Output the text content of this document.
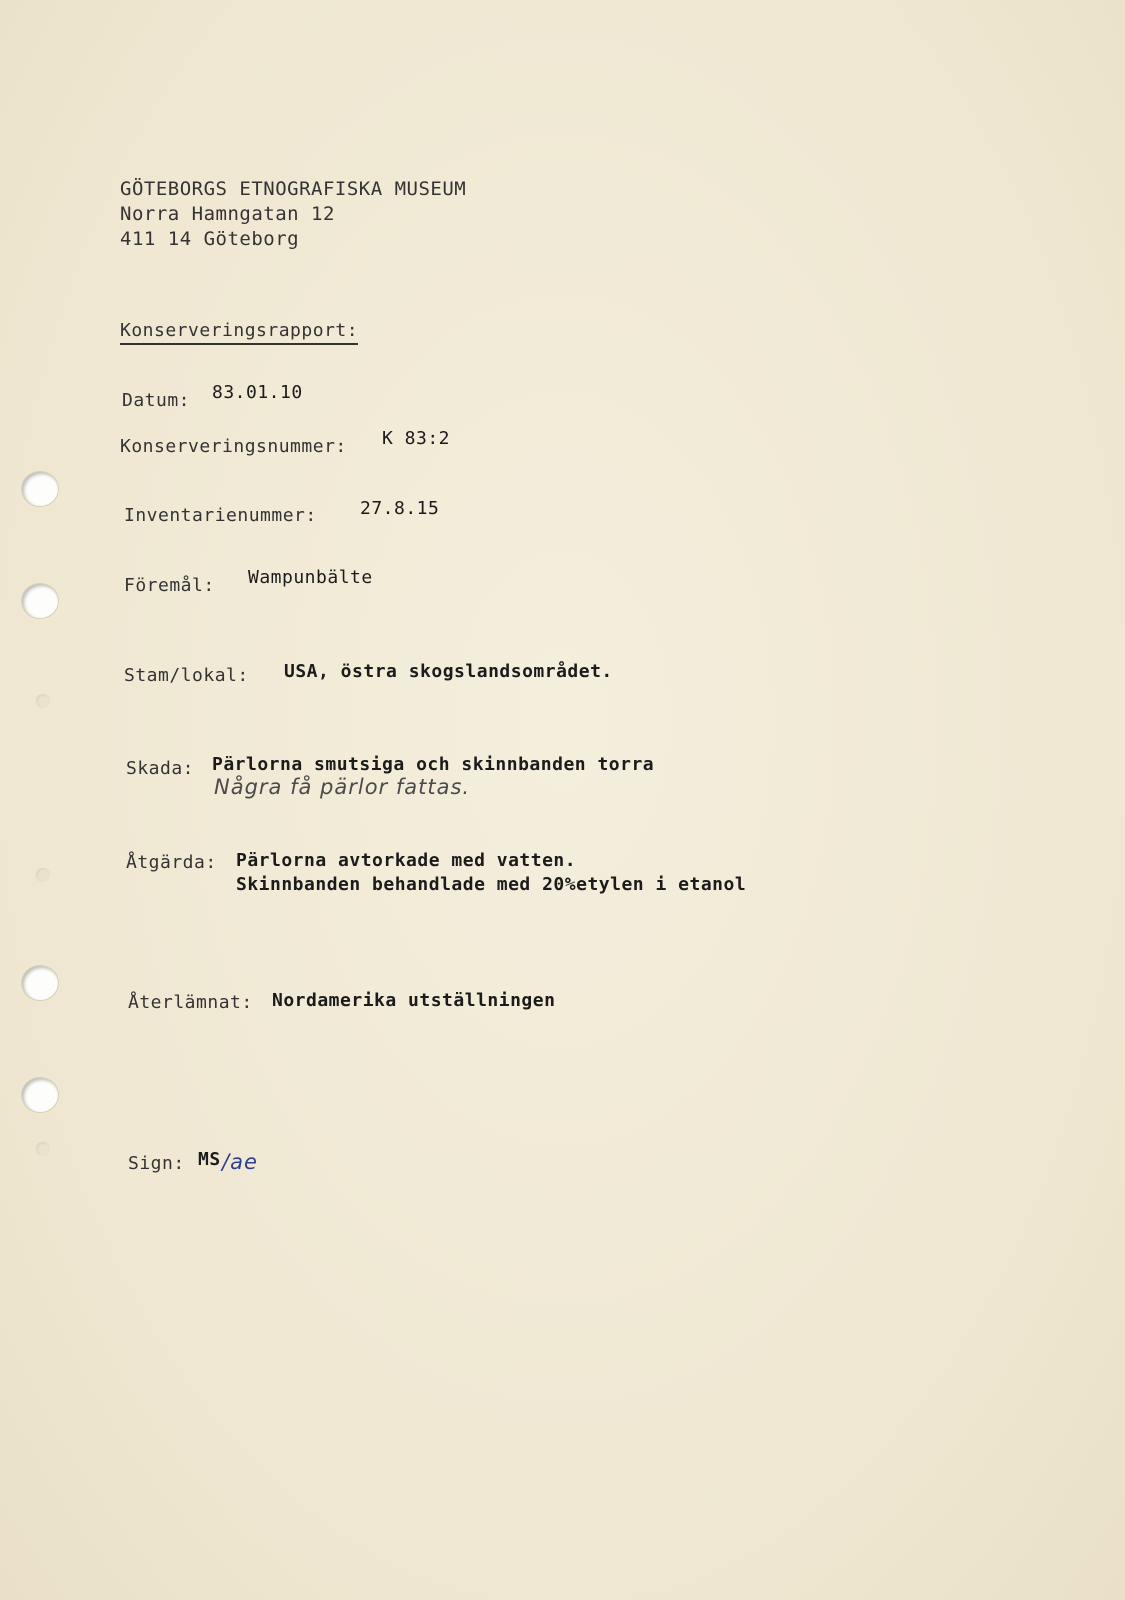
GÖTEBORGS ETNOGRAFISKA MUSEUM
Norra Hamngatan 12
411 14 Göteborg
Konserveringsrapport:
Datum: 83.01.10
Konserveringsnummer: K 83:2
Inventarienummer: 27.8.15
Föremål: Wampunbälte
Stam/lokal: USA, östra skogslandsområdet.
Skada: Pärlorna smutsiga och skinnbanden torra
Några få pärlor fattas.
Åtgärda: Pärlorna avtorkade med vatten.
Skinnbanden behandlade med 20%etylen i etanol
Återlämnat: Nordamerika utställningen
Sign: MS /ae
